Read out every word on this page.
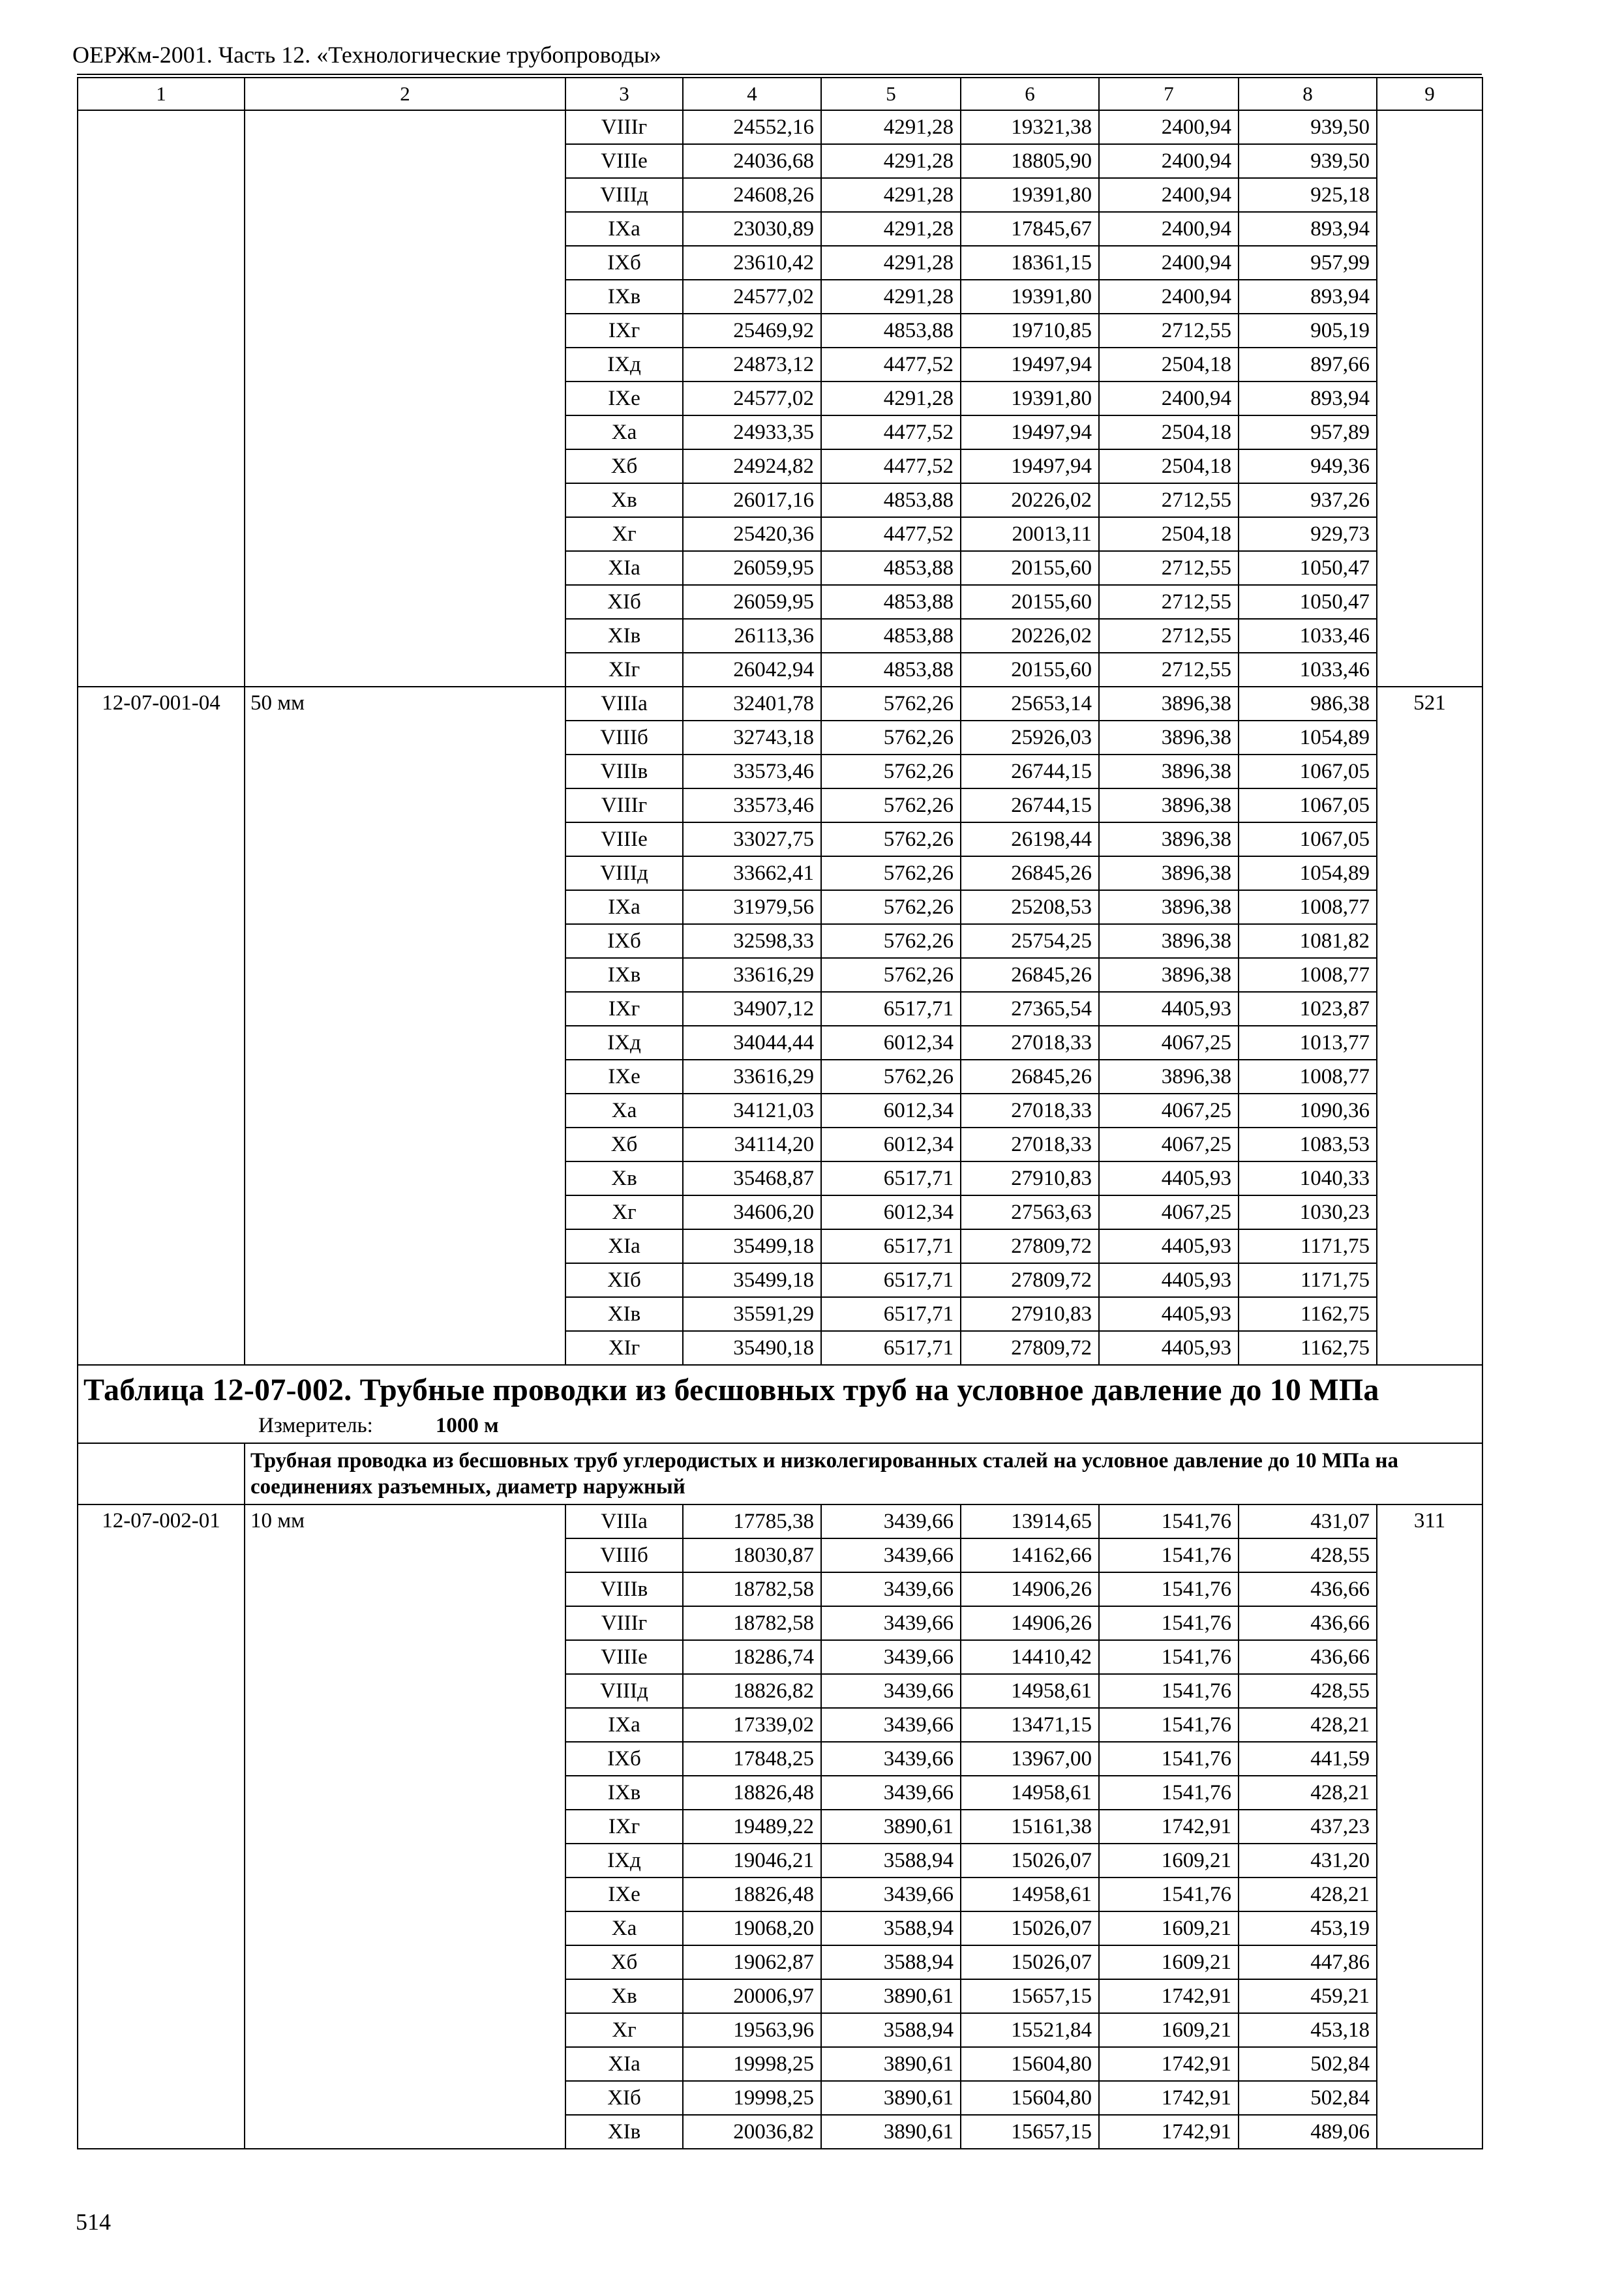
ОЕРЖм-2001. Часть 12. «Технологические трубопроводы»
1	2	3	4	5	6	7	8	9
		VIIIг	24552,16	4291,28	19321,38	2400,94	939,50	
		VIIIе	24036,68	4291,28	18805,90	2400,94	939,50	
		VIIIд	24608,26	4291,28	19391,80	2400,94	925,18	
		IXа	23030,89	4291,28	17845,67	2400,94	893,94	
		IXб	23610,42	4291,28	18361,15	2400,94	957,99	
		IXв	24577,02	4291,28	19391,80	2400,94	893,94	
		IXг	25469,92	4853,88	19710,85	2712,55	905,19	
		IXд	24873,12	4477,52	19497,94	2504,18	897,66	
		IXе	24577,02	4291,28	19391,80	2400,94	893,94	
		Xа	24933,35	4477,52	19497,94	2504,18	957,89	
		Xб	24924,82	4477,52	19497,94	2504,18	949,36	
		Xв	26017,16	4853,88	20226,02	2712,55	937,26	
		Xг	25420,36	4477,52	20013,11	2504,18	929,73	
		XIа	26059,95	4853,88	20155,60	2712,55	1050,47	
		XIб	26059,95	4853,88	20155,60	2712,55	1050,47	
		XIв	26113,36	4853,88	20226,02	2712,55	1033,46	
		XIг	26042,94	4853,88	20155,60	2712,55	1033,46	
12-07-001-04	50 мм	VIIIа	32401,78	5762,26	25653,14	3896,38	986,38	521
		VIIIб	32743,18	5762,26	25926,03	3896,38	1054,89	
		VIIIв	33573,46	5762,26	26744,15	3896,38	1067,05	
		VIIIг	33573,46	5762,26	26744,15	3896,38	1067,05	
		VIIIе	33027,75	5762,26	26198,44	3896,38	1067,05	
		VIIIд	33662,41	5762,26	26845,26	3896,38	1054,89	
		IXа	31979,56	5762,26	25208,53	3896,38	1008,77	
		IXб	32598,33	5762,26	25754,25	3896,38	1081,82	
		IXв	33616,29	5762,26	26845,26	3896,38	1008,77	
		IXг	34907,12	6517,71	27365,54	4405,93	1023,87	
		IXд	34044,44	6012,34	27018,33	4067,25	1013,77	
		IXе	33616,29	5762,26	26845,26	3896,38	1008,77	
		Xа	34121,03	6012,34	27018,33	4067,25	1090,36	
		Xб	34114,20	6012,34	27018,33	4067,25	1083,53	
		Xв	35468,87	6517,71	27910,83	4405,93	1040,33	
		Xг	34606,20	6012,34	27563,63	4067,25	1030,23	
		XIа	35499,18	6517,71	27809,72	4405,93	1171,75	
		XIб	35499,18	6517,71	27809,72	4405,93	1171,75	
		XIв	35591,29	6517,71	27910,83	4405,93	1162,75	
		XIг	35490,18	6517,71	27809,72	4405,93	1162,75	

Таблица 12-07-002. Трубные проводки из бесшовных труб на условное давление до 10 МПа
Измеритель: 1000 м								

	Трубная проводка из бесшовных труб углеродистых и низколегированных сталей на условное давление до 10 МПа на соединениях разъемных, диаметр наружный							
12-07-002-01	10 мм	VIIIа	17785,38	3439,66	13914,65	1541,76	431,07	311
		VIIIб	18030,87	3439,66	14162,66	1541,76	428,55	
		VIIIв	18782,58	3439,66	14906,26	1541,76	436,66	
		VIIIг	18782,58	3439,66	14906,26	1541,76	436,66	
		VIIIе	18286,74	3439,66	14410,42	1541,76	436,66	
		VIIIд	18826,82	3439,66	14958,61	1541,76	428,55	
		IXа	17339,02	3439,66	13471,15	1541,76	428,21	
		IXб	17848,25	3439,66	13967,00	1541,76	441,59	
		IXв	18826,48	3439,66	14958,61	1541,76	428,21	
		IXг	19489,22	3890,61	15161,38	1742,91	437,23	
		IXд	19046,21	3588,94	15026,07	1609,21	431,20	
		IXе	18826,48	3439,66	14958,61	1541,76	428,21	
		Xа	19068,20	3588,94	15026,07	1609,21	453,19	
		Xб	19062,87	3588,94	15026,07	1609,21	447,86	
		Xв	20006,97	3890,61	15657,15	1742,91	459,21	
		Xг	19563,96	3588,94	15521,84	1609,21	453,18	
		XIа	19998,25	3890,61	15604,80	1742,91	502,84	
		XIб	19998,25	3890,61	15604,80	1742,91	502,84	
		XIв	20036,82	3890,61	15657,15	1742,91	489,06	
514
